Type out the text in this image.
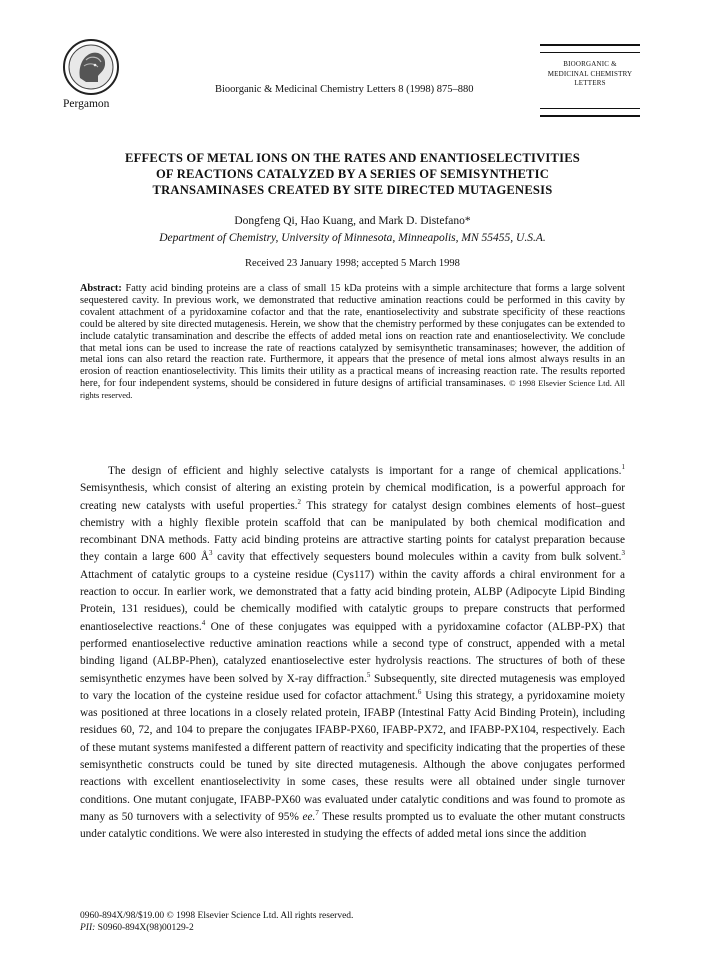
Pergamon
Bioorganic & Medicinal Chemistry Letters 8 (1998) 875–880
BIOORGANIC &
MEDICINAL CHEMISTRY
LETTERS
EFFECTS OF METAL IONS ON THE RATES AND ENANTIOSELECTIVITIES
OF REACTIONS CATALYZED BY A SERIES OF SEMISYNTHETIC
TRANSAMINASES CREATED BY SITE DIRECTED MUTAGENESIS
Dongfeng Qi, Hao Kuang, and Mark D. Distefano*
Department of Chemistry, University of Minnesota, Minneapolis, MN 55455, U.S.A.
Received 23 January 1998; accepted 5 March 1998
Abstract: Fatty acid binding proteins are a class of small 15 kDa proteins with a simple architecture that forms a large solvent sequestered cavity. In previous work, we demonstrated that reductive amination reactions could be performed in this cavity by covalent attachment of a pyridoxamine cofactor and that the rate, enantioselectivity and substrate specificity of these reactions could be altered by site directed mutagenesis. Herein, we show that the chemistry performed by these conjugates can be extended to include catalytic transamination and describe the effects of added metal ions on reaction rate and enantioselectivity. We conclude that metal ions can be used to increase the rate of reactions catalyzed by semisynthetic transaminases; however, the addition of metal ions can also retard the reaction rate. Furthermore, it appears that the presence of metal ions almost always results in an erosion of reaction enantioselectivity. This limits their utility as a practical means of increasing reaction rate. The results reported here, for four independent systems, should be considered in future designs of artificial transaminases. © 1998 Elsevier Science Ltd. All rights reserved.

The design of efficient and highly selective catalysts is important for a range of chemical applications.$^1$ Semisynthesis, which consist of altering an existing protein by chemical modification, is a powerful approach for creating new catalysts with useful properties.$^2$ This strategy for catalyst design combines elements of host–guest chemistry with a highly flexible protein scaffold that can be manipulated by both chemical modification and recombinant DNA methods. Fatty acid binding proteins are attractive starting points for catalyst preparation because they contain a large 600 $Å^3$ cavity that effectively sequesters bound molecules within a cavity from bulk solvent.$^3$ Attachment of catalytic groups to a cysteine residue (Cys117) within the cavity affords a chiral environment for a reaction to occur. In earlier work, we demonstrated that a fatty acid binding protein, ALBP (Adipocyte Lipid Binding Protein, 131 residues), could be chemically modified with catalytic groups to prepare constructs that performed enantioselective reactions.$^4$ One of these conjugates was equipped with a pyridoxamine cofactor (ALBP-PX) that performed enantioselective reductive amination reactions while a second type of construct, appended with a metal binding ligand (ALBP-Phen), catalyzed enantioselective ester hydrolysis reactions. The structures of both of these semisynthetic enzymes have been solved by X-ray diffraction.$^5$ Subsequently, site directed mutagenesis was employed to vary the location of the cysteine residue used for cofactor attachment.$^6$ Using this strategy, a pyridoxamine moiety was positioned at three locations in a closely related protein, IFABP (Intestinal Fatty Acid Binding Protein), including residues 60, 72, and 104 to prepare the conjugates IFABP-PX60, IFABP-PX72, and IFABP-PX104, respectively. Each of these mutant systems manifested a different pattern of reactivity and specificity indicating that the properties of these semisynthetic constructs could be tuned by site directed mutagenesis. Although the above conjugates performed reactions with excellent enantioselectivity in some cases, these results were all obtained under single turnover conditions. One mutant conjugate, IFABP-PX60 was evaluated under catalytic conditions and was found to promote as many as 50 turnovers with a selectivity of 95% ee.$^7$ These results prompted us to evaluate the other mutant constructs under catalytic conditions. We were also interested in studying the effects of added metal ions since the addition

0960-894X/98/$19.00 © 1998 Elsevier Science Ltd. All rights reserved.
PII: S0960-894X(98)00129-2
